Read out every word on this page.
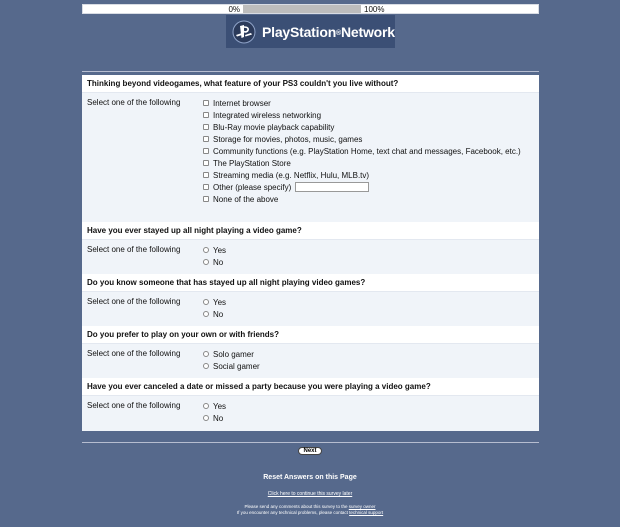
0%	100%
PlayStation®Network
Thinking beyond videogames, what feature of your PS3 couldn't you live without?
Select one of the following	Internet browser
Integrated wireless networking
Blu-Ray movie playback capability
Storage for movies, photos, music, games
Community functions (e.g. PlayStation Home, text chat and messages, Facebook, etc.)
The PlayStation Store
Streaming media (e.g. Netflix, Hulu, MLB.tv)
Other (please specify)
None of the above
Have you ever stayed up all night playing a video game?
Select one of the following	Yes
No
Do you know someone that has stayed up all night playing video games?
Select one of the following	Yes
No
Do you prefer to play on your own or with friends?
Select one of the following	Solo gamer
Social gamer
Have you ever canceled a date or missed a party because you were playing a video game?
Select one of the following	Yes
No
Next
Reset Answers on this Page
Click here to continue this survey later
Please send any comments about this survey to the survey owner
If you encounter any technical problems, please contact technical support
